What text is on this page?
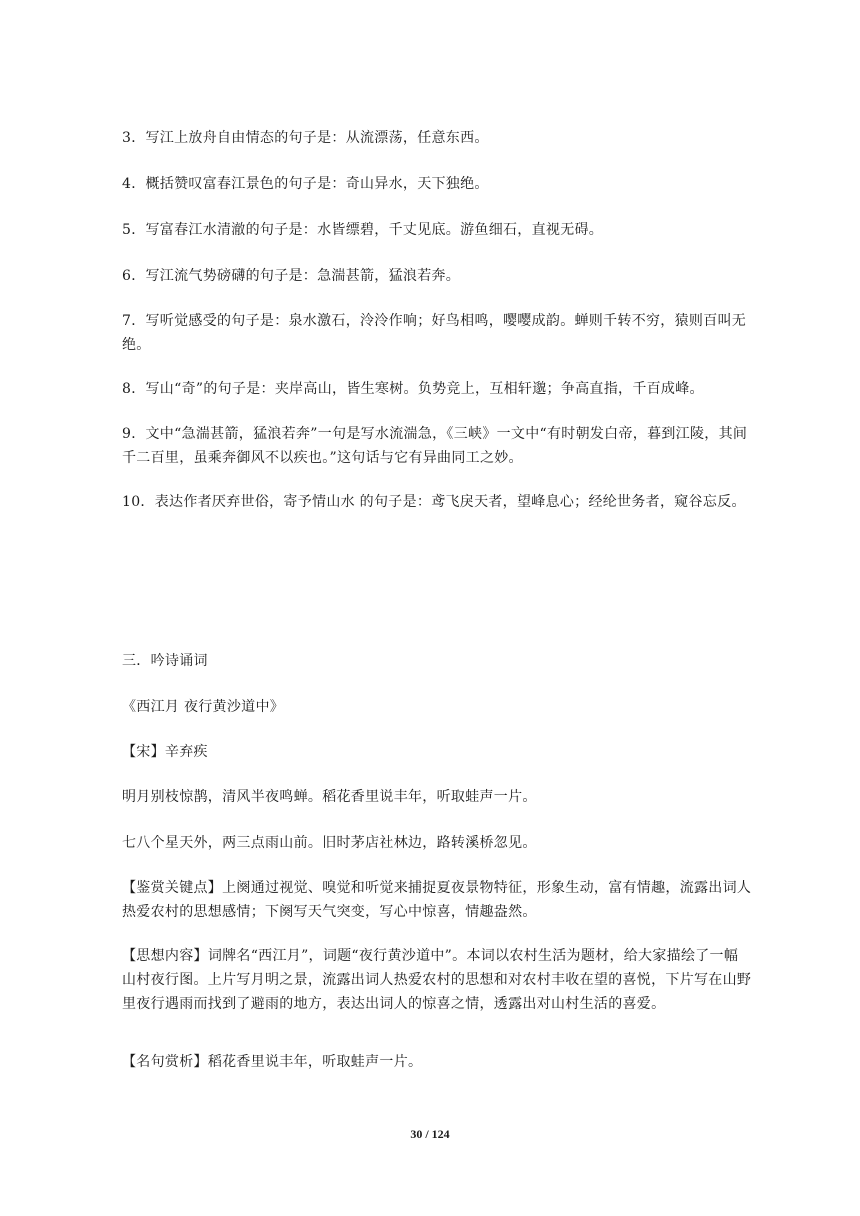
3．写江上放舟自由情态的句子是：从流漂荡，任意东西。

4．概括赞叹富春江景色的句子是：奇山异水，天下独绝。

5．写富春江水清澈的句子是：水皆缥碧，千丈见底。游鱼细石，直视无碍。

6．写江流气势磅礴的句子是：急湍甚箭，猛浪若奔。

7．写听觉感受的句子是：泉水激石，泠泠作响；好鸟相鸣，嘤嘤成韵。蝉则千转不穷，猿则百叫无绝。

8．写山“奇”的句子是：夹岸高山，皆生寒树。负势竞上，互相轩邈；争高直指，千百成峰。

9．文中“急湍甚箭，猛浪若奔”一句是写水流湍急，《三峡》一文中“有时朝发白帝，暮到江陵，其间千二百里，虽乘奔御风不以疾也。”这句话与它有异曲同工之妙。

10．表达作者厌弃世俗，寄予情山水 的句子是：鸢飞戾天者，望峰息心；经纶世务者，窥谷忘反。

三．吟诗诵词

《西江月 夜行黄沙道中》

【宋】辛弃疾

明月别枝惊鹊，清风半夜鸣蝉。稻花香里说丰年，听取蛙声一片。

七八个星天外，两三点雨山前。旧时茅店社林边，路转溪桥忽见。

【鉴赏关键点】上阕通过视觉、嗅觉和听觉来捕捉夏夜景物特征，形象生动，富有情趣，流露出词人热爱农村的思想感情；下阕写天气突变，写心中惊喜，情趣盎然。

【思想内容】词牌名“西江月”，词题“夜行黄沙道中”。本词以农村生活为题材，给大家描绘了一幅山村夜行图。上片写月明之景，流露出词人热爱农村的思想和对农村丰收在望的喜悦，下片写在山野里夜行遇雨而找到了避雨的地方，表达出词人的惊喜之情，透露出对山村生活的喜爱。

【名句赏析】稻花香里说丰年，听取蛙声一片。

30 / 124
